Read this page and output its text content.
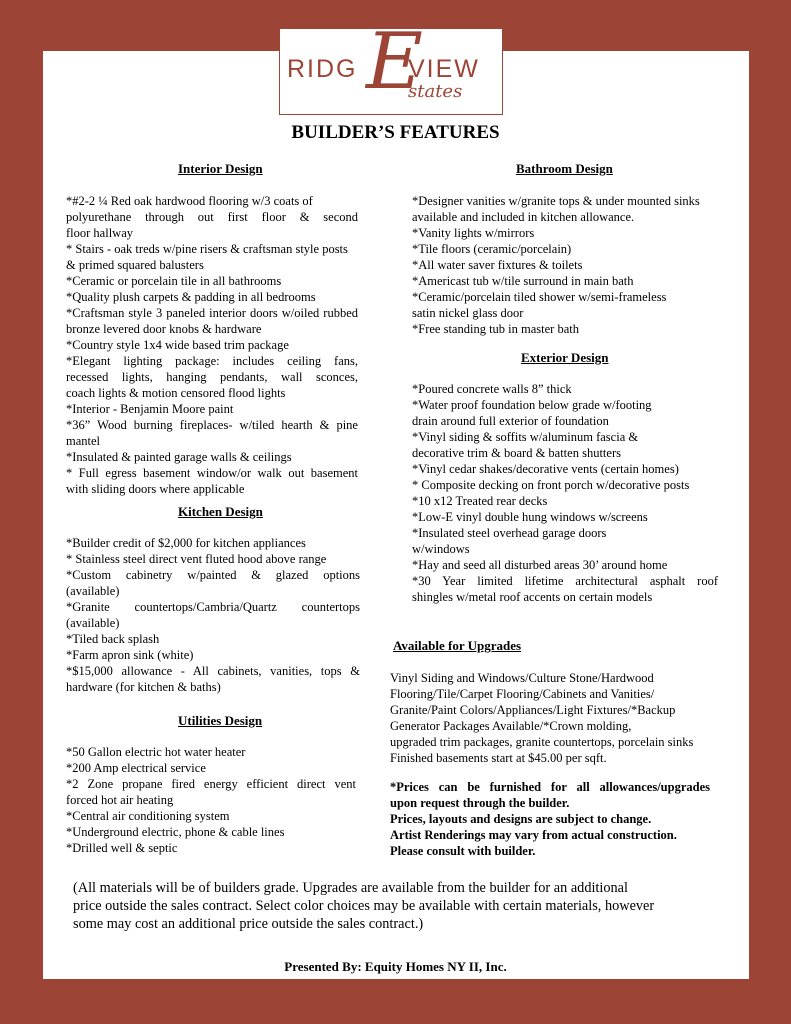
RIDG E
VIEW
states
BUILDER’S FEATURES
Interior Design
*#2-2 ¼ Red oak hardwood flooring w/3 coats of
polyurethane through out first floor & second
floor hallway
* Stairs - oak treds w/pine risers & craftsman style posts
& primed squared balusters
*Ceramic or porcelain tile in all bathrooms
*Quality plush carpets & padding in all bedrooms
*Craftsman style 3 paneled interior doors w/oiled rubbed
bronze levered door knobs & hardware
*Country style 1x4 wide based trim package
*Elegant lighting package: includes ceiling fans,
recessed lights, hanging pendants, wall sconces,
coach lights & motion censored flood lights
*Interior - Benjamin Moore paint
*36” Wood burning fireplaces- w/tiled hearth & pine
mantel
*Insulated & painted garage walls & ceilings
* Full egress basement window/or walk out basement
with sliding doors where applicable
Kitchen Design
*Builder credit of $2,000 for kitchen appliances
* Stainless steel direct vent fluted hood above range
*Custom cabinetry w/painted & glazed options
(available)
*Granite countertops/Cambria/Quartz countertops
(available)
*Tiled back splash
*Farm apron sink (white)
*$15,000 allowance - All cabinets, vanities, tops &
hardware (for kitchen & baths)
Utilities Design
*50 Gallon electric hot water heater
*200 Amp electrical service
*2 Zone propane fired energy efficient direct vent
forced hot air heating
*Central air conditioning system
*Underground electric, phone & cable lines
*Drilled well & septic
Bathroom Design
*Designer vanities w/granite tops & under mounted sinks
available and included in kitchen allowance.
*Vanity lights w/mirrors
*Tile floors (ceramic/porcelain)
*All water saver fixtures & toilets
*Americast tub w/tile surround in main bath
*Ceramic/porcelain tiled shower w/semi-frameless
satin nickel glass door
*Free standing tub in master bath
Exterior Design
*Poured concrete walls 8” thick
*Water proof foundation below grade w/footing
drain around full exterior of foundation
*Vinyl siding & soffits w/aluminum fascia &
decorative trim & board & batten shutters
*Vinyl cedar shakes/decorative vents (certain homes)
* Composite decking on front porch w/decorative posts
*10 x12 Treated rear decks
*Low-E vinyl double hung windows w/screens
*Insulated steel overhead garage doors
w/windows
*Hay and seed all disturbed areas 30’ around home
*30 Year limited lifetime architectural asphalt roof
shingles w/metal roof accents on certain models
Available for Upgrades
Vinyl Siding and Windows/Culture Stone/Hardwood
Flooring/Tile/Carpet Flooring/Cabinets and Vanities/
Granite/Paint Colors/Appliances/Light Fixtures/*Backup
Generator Packages Available/*Crown molding,
upgraded trim packages, granite countertops, porcelain sinks
Finished basements start at $45.00 per sqft.
*Prices can be furnished for all allowances/upgrades
upon request through the builder.
Prices, layouts and designs are subject to change.
Artist Renderings may vary from actual construction.
Please consult with builder.
(All materials will be of builders grade. Upgrades are available from the builder for an additional
price outside the sales contract. Select color choices may be available with certain materials, however
some may cost an additional price outside the sales contract.)
Presented By: Equity Homes NY II, Inc.
